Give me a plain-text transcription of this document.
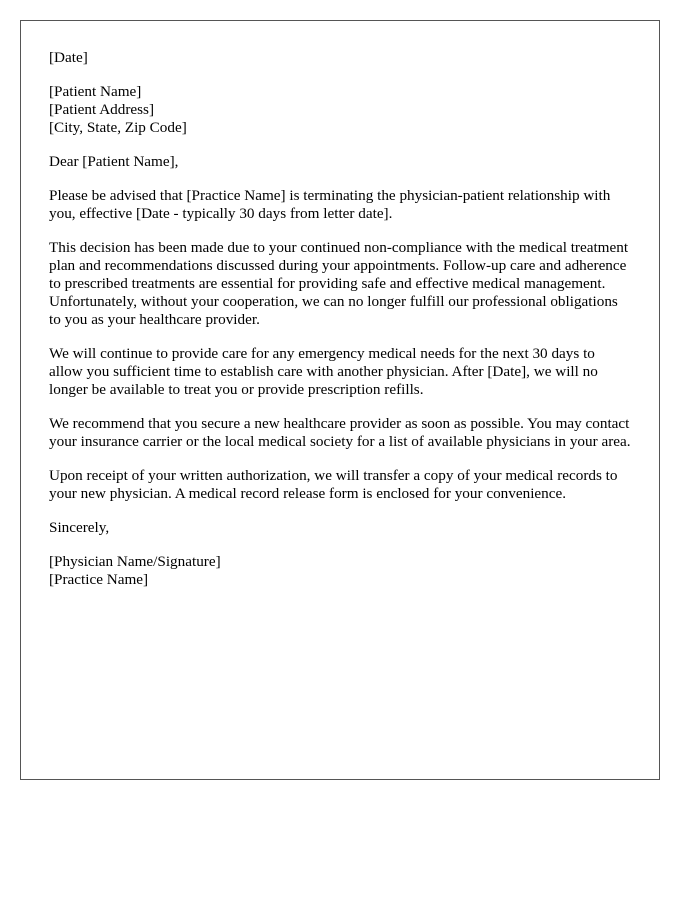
[Date]

[Patient Name]
[Patient Address]
[City, State, Zip Code]

Dear [Patient Name],

Please be advised that [Practice Name] is terminating the physician-patient relationship with you, effective [Date - typically 30 days from letter date].

This decision has been made due to your continued non-compliance with the medical treatment plan and recommendations discussed during your appointments. Follow-up care and adherence to prescribed treatments are essential for providing safe and effective medical management. Unfortunately, without your cooperation, we can no longer fulfill our professional obligations to you as your healthcare provider.

We will continue to provide care for any emergency medical needs for the next 30 days to allow you sufficient time to establish care with another physician. After [Date], we will no longer be available to treat you or provide prescription refills.

We recommend that you secure a new healthcare provider as soon as possible. You may contact your insurance carrier or the local medical society for a list of available physicians in your area.

Upon receipt of your written authorization, we will transfer a copy of your medical records to your new physician. A medical record release form is enclosed for your convenience.

Sincerely,

[Physician Name/Signature]
[Practice Name]
